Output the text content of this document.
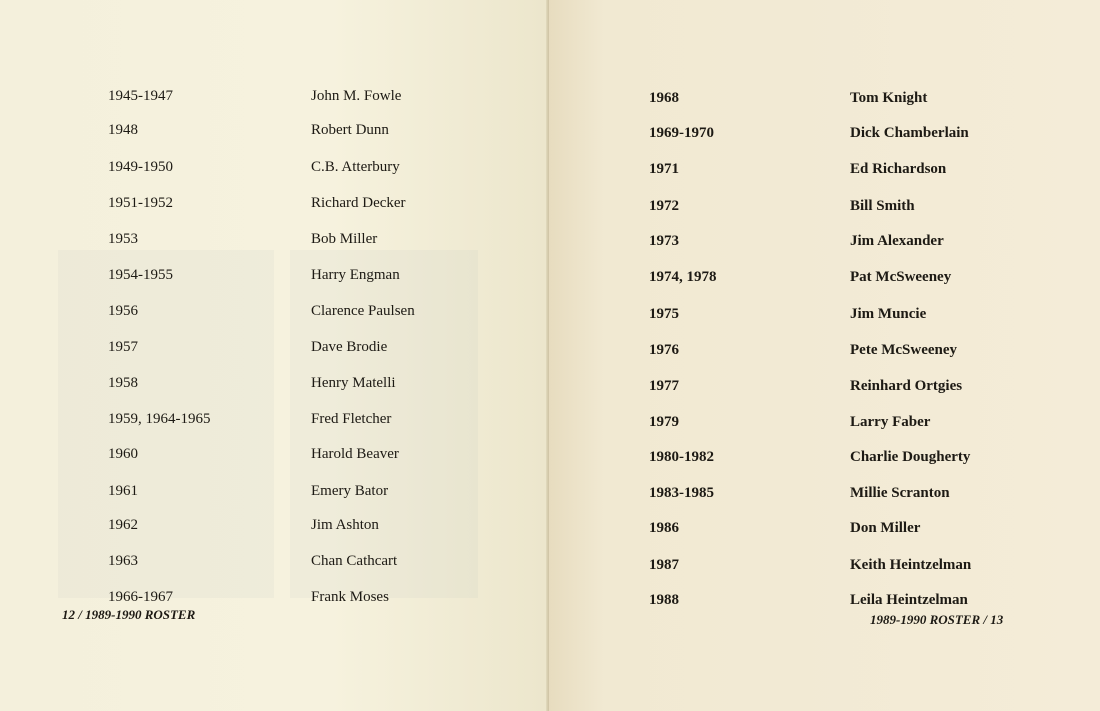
1945-1947	John M. Fowle
1948	Robert Dunn
1949-1950	C.B. Atterbury
1951-1952	Richard Decker
1953	Bob Miller
1954-1955	Harry Engman
1956	Clarence Paulsen
1957	Dave Brodie
1958	Henry Matelli
1959, 1964-1965	Fred Fletcher
1960	Harold Beaver
1961	Emery Bator
1962	Jim Ashton
1963	Chan Cathcart
1966-1967	Frank Moses
12 / 1989-1990 ROSTER
1968	Tom Knight
1969-1970	Dick Chamberlain
1971	Ed Richardson
1972	Bill Smith
1973	Jim Alexander
1974, 1978	Pat McSweeney
1975	Jim Muncie
1976	Pete McSweeney
1977	Reinhard Ortgies
1979	Larry Faber
1980-1982	Charlie Dougherty
1983-1985	Millie Scranton
1986	Don Miller
1987	Keith Heintzelman
1988	Leila Heintzelman
1989-1990 ROSTER / 13
